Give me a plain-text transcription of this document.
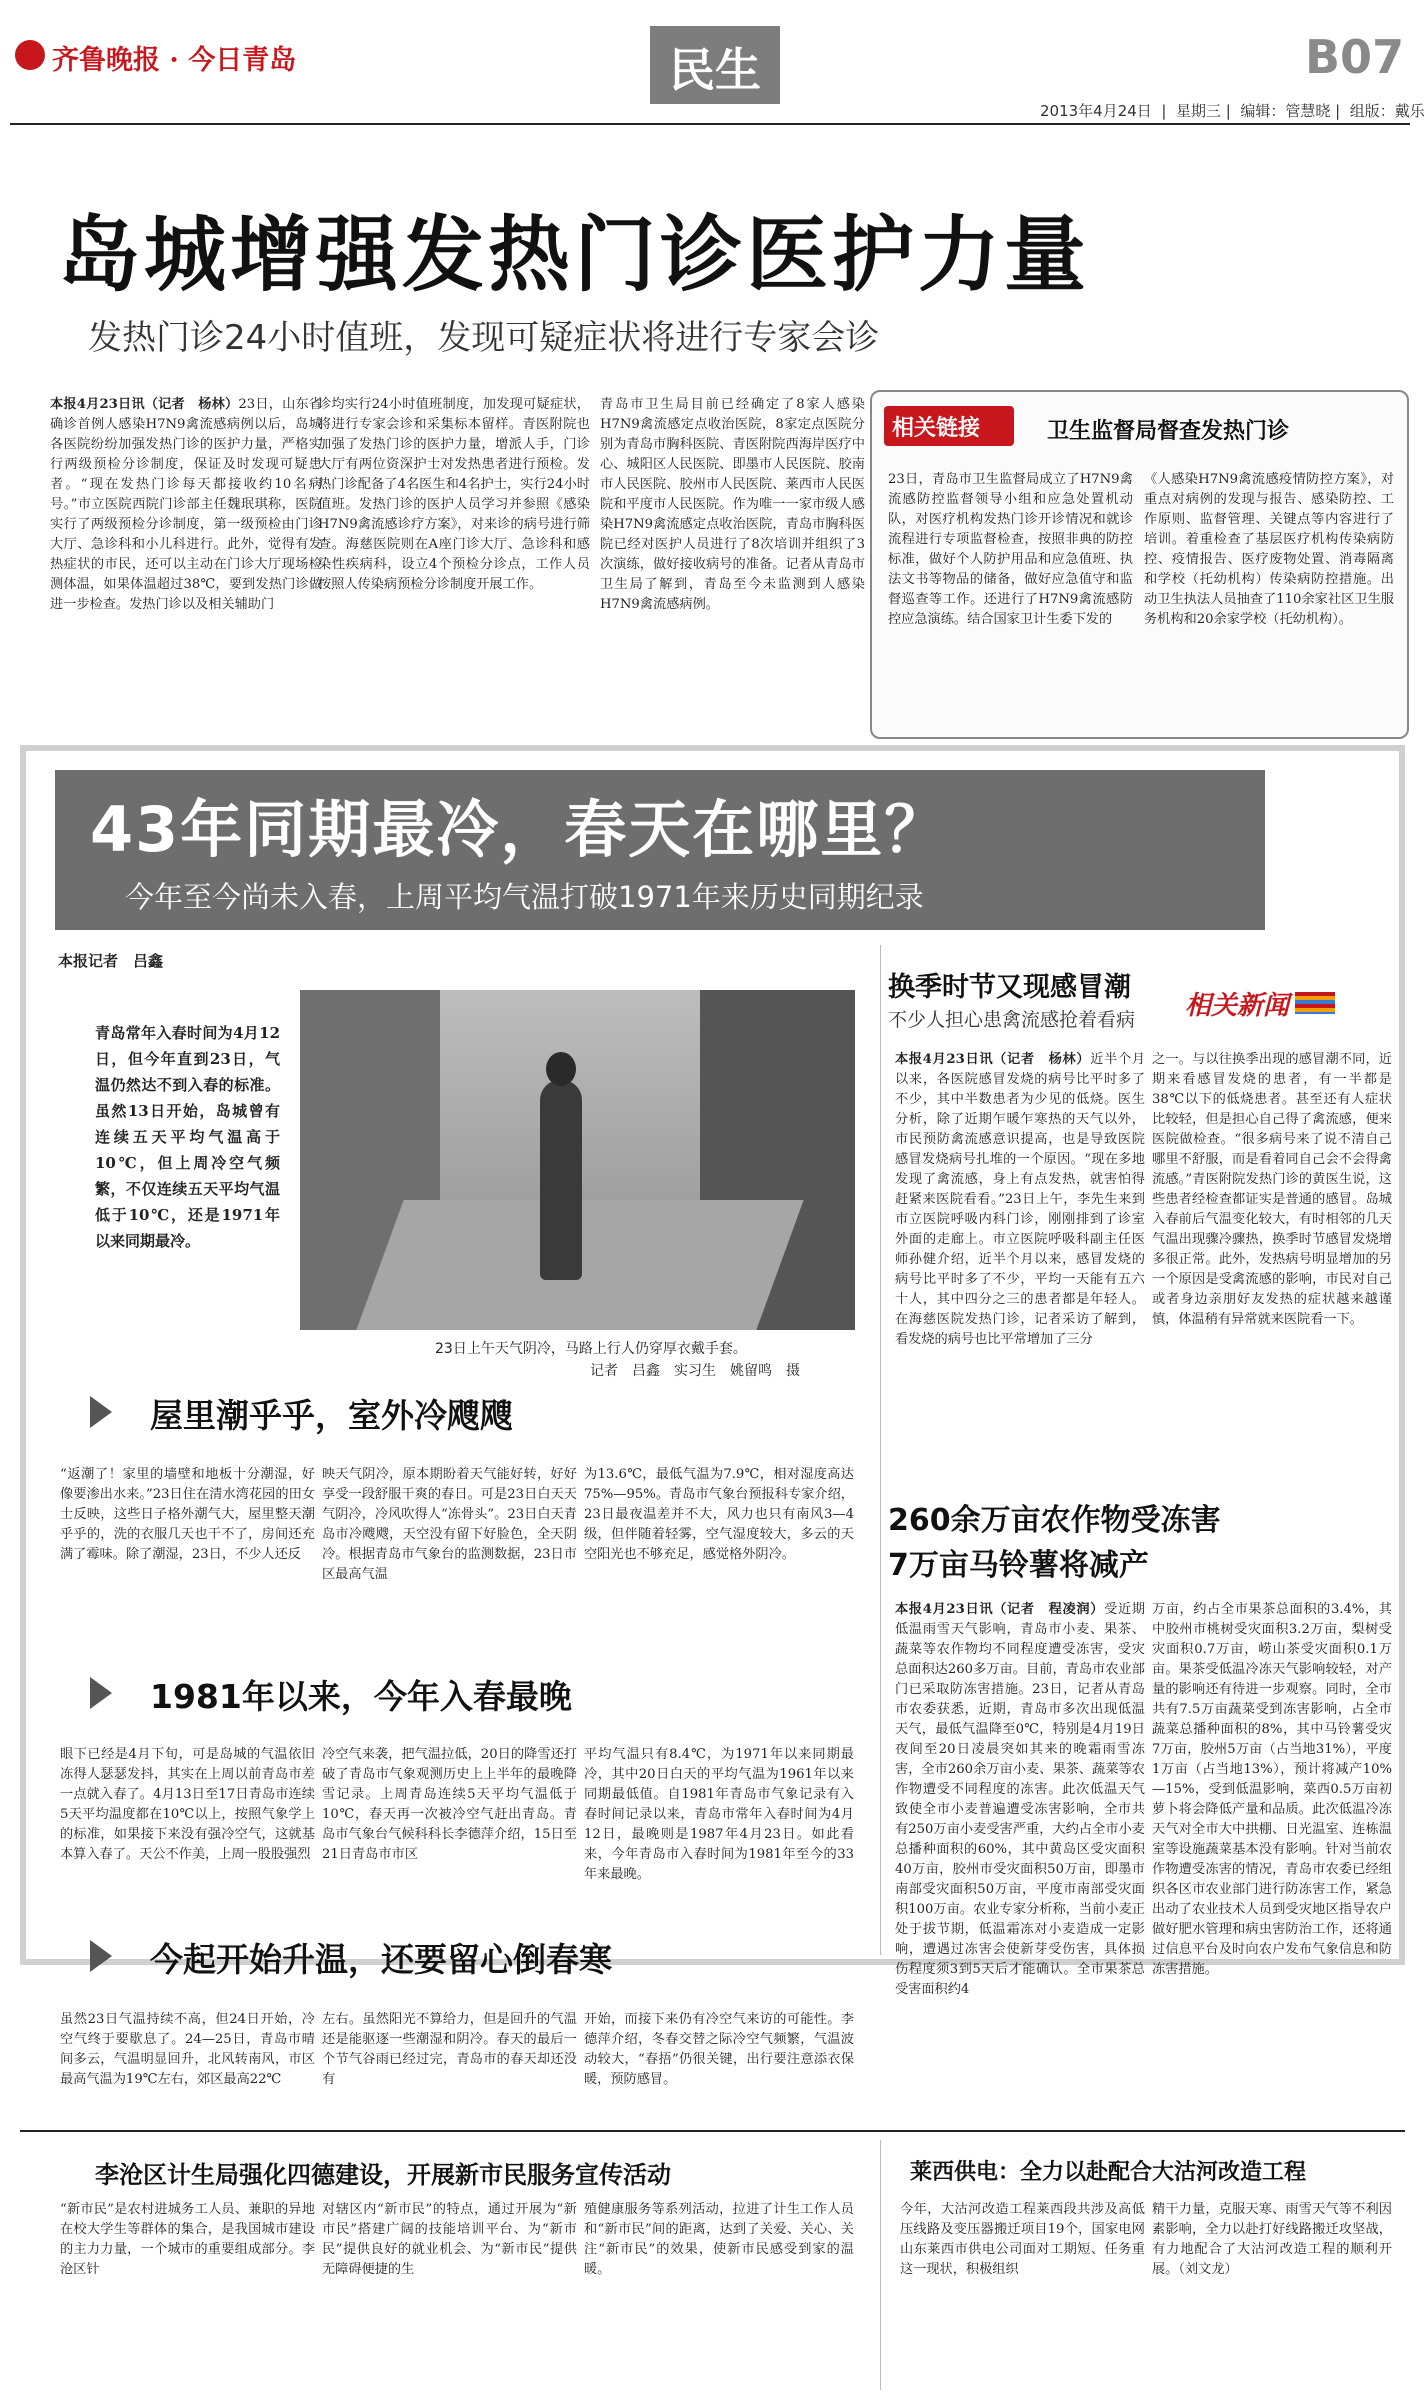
齐鲁晚报 · 今日青岛	民生	B07
2013年4月24日  |  星期三 |  编辑：管慧晓 |  组版：戴乐
岛城增强发热门诊医护力量
发热门诊24小时值班，发现可疑症状将进行专家会诊

本报4月23日讯（记者　杨林）23日，山东省确诊首例人感染H7N9禽流感病例以后，岛城各医院纷纷加强发热门诊的医护力量，严格实行两级预检分诊制度，保证及时发现可疑患者。“现在发热门诊每天都接收约10名病号。”市立医院西院门诊部主任魏珉琪称，医院实行了两级预检分诊制度，第一级预检由门诊大厅、急诊科和小儿科进行。此外，觉得有发热症状的市民，还可以主动在门诊大厅现场检测体温，如果体温超过38℃，要到发热门诊做进一步检查。发热门诊以及相关辅助门

诊均实行24小时值班制度，加发现可疑症状，将进行专家会诊和采集标本留样。青医附院也加强了发热门诊的医护力量，增派人手，门诊大厅有两位资深护士对发热患者进行预检。发热门诊配备了4名医生和4名护士，实行24小时值班。发热门诊的医护人员学习并参照《感染H7N9禽流感诊疗方案》，对来诊的病号进行筛查。海慈医院则在A座门诊大厅、急诊科和感染性疾病科，设立4个预检分诊点，工作人员按照人传染病预检分诊制度开展工作。

青岛市卫生局目前已经确定了8家人感染H7N9禽流感定点收治医院，8家定点医院分别为青岛市胸科医院、青医附院西海岸医疗中心、城阳区人民医院、即墨市人民医院、胶南市人民医院、胶州市人民医院、莱西市人民医院和平度市人民医院。作为唯一一家市级人感染H7N9禽流感定点收治医院，青岛市胸科医院已经对医护人员进行了8次培训并组织了3次演练，做好接收病号的准备。记者从青岛市卫生局了解到，青岛至今未监测到人感染H7N9禽流感病例。

相关链接	卫生监督局督查发热门诊
23日，青岛市卫生监督局成立了H7N9禽流感防控监督领导小组和应急处置机动队，对医疗机构发热门诊开诊情况和就诊流程进行专项监督检查，按照非典的防控标准，做好个人防护用品和应急值班、执法文书等物品的储备，做好应急值守和监督巡查等工作。还进行了H7N9禽流感防控应急演练。结合国家卫计生委下发的
《人感染H7N9禽流感疫情防控方案》，对重点对病例的发现与报告、感染防控、工作原则、监督管理、关键点等内容进行了培训。着重检查了基层医疗机构传染病防控、疫情报告、医疗废物处置、消毒隔离和学校（托幼机构）传染病防控措施。出动卫生执法人员抽查了110余家社区卫生服务机构和20余家学校（托幼机构）。
43年同期最冷，春天在哪里？
今年至今尚未入春，上周平均气温打破1971年来历史同期纪录
本报记者　吕鑫
青岛常年入春时间为4月12日，但今年直到23日，气温仍然达不到入春的标准。虽然13日开始，岛城曾有连续五天平均气温高于10℃，但上周冷空气频繁，不仅连续五天平均气温低于10℃，还是1971年以来同期最冷。
23日上午天气阴冷，马路上行人仍穿厚衣戴手套。
记者　吕鑫　实习生　姚留鸣　摄
屋里潮乎乎，室外冷飕飕
“返潮了！家里的墙壁和地板十分潮湿，好像要渗出水来。”23日住在清水湾花园的田女士反映，这些日子格外潮气大，屋里整天潮乎乎的，洗的衣服几天也干不了，房间还充满了霉味。除了潮湿，23日，不少人还反
映天气阴冷，原本期盼着天气能好转，好好享受一段舒服干爽的春日。可是23日白天天气阴冷，冷风吹得人“冻骨头”。23日白天青岛市冷飕飕，天空没有留下好脸色，全天阴冷。根据青岛市气象台的监测数据，23日市区最高气温
为13.6℃，最低气温为7.9℃，相对湿度高达75%—95%。青岛市气象台预报科专家介绍，23日最夜温差并不大，风力也只有南风3—4级，但伴随着轻雾，空气湿度较大，多云的天空阳光也不够充足，感觉格外阴冷。
1981年以来，今年入春最晚
眼下已经是4月下旬，可是岛城的气温依旧冻得人瑟瑟发抖，其实在上周以前青岛市差一点就入春了。4月13日至17日青岛市连续5天平均温度都在10℃以上，按照气象学上的标准，如果接下来没有强冷空气，这就基本算入春了。天公不作美，上周一股股强烈
冷空气来袭，把气温拉低，20日的降雪还打破了青岛市气象观测历史上上半年的最晚降雪记录。上周青岛连续5天平均气温低于10℃，春天再一次被冷空气赶出青岛。青岛市气象台气候科科长李德萍介绍，15日至21日青岛市市区
平均气温只有8.4℃，为1971年以来同期最冷，其中20日白天的平均气温为1961年以来同期最低值。自1981年青岛市气象记录有入春时间记录以来，青岛市常年入春时间为4月12日，最晚则是1987年4月23日。如此看来，今年青岛市入春时间为1981年至今的33年来最晚。
今起开始升温，还要留心倒春寒
虽然23日气温持续不高，但24日开始，冷空气终于要歇息了。24—25日，青岛市晴间多云，气温明显回升，北风转南风，市区最高气温为19℃左右，郊区最高22℃
左右。虽然阳光不算给力，但是回升的气温还是能驱逐一些潮湿和阴冷。春天的最后一个节气谷雨已经过完，青岛市的春天却还没有
开始，而接下来仍有冷空气来访的可能性。李德萍介绍，冬春交替之际冷空气频繁，气温波动较大，“春捂”仍很关键，出行要注意添衣保暖，预防感冒。
换季时节又现感冒潮
不少人担心患禽流感抢着看病 相关新闻

本报4月23日讯（记者　杨林）近半个月以来，各医院感冒发烧的病号比平时多了不少，其中半数患者为少见的低烧。医生分析，除了近期乍暖乍寒热的天气以外，市民预防禽流感意识提高，也是导致医院感冒发烧病号扎堆的一个原因。“现在多地发现了禽流感，身上有点发热，就害怕得赶紧来医院看看。”23日上午，李先生来到市立医院呼吸内科门诊，刚刚排到了诊室外面的走廊上。市立医院呼吸科副主任医师孙健介绍，近半个月以来，感冒发烧的病号比平时多了不少，平均一天能有五六十人，其中四分之三的患者都是年轻人。在海慈医院发热门诊，记者采访了解到，看发烧的病号也比平常增加了三分

之一。与以往换季出现的感冒潮不同，近期来看感冒发烧的患者，有一半都是38℃以下的低烧患者。甚至还有人症状比较轻，但是担心自己得了禽流感，便来医院做检查。“很多病号来了说不清自己哪里不舒服，而是看着同自己会不会得禽流感。”青医附院发热门诊的黄医生说，这些患者经检查都证实是普通的感冒。岛城入春前后气温变化较大，有时相邻的几天气温出现骤冷骤热，换季时节感冒发烧增多很正常。此外，发热病号明显增加的另一个原因是受禽流感的影响，市民对自己或者身边亲朋好友发热的症状越来越谨慎，体温稍有异常就来医院看一下。
260余万亩农作物受冻害
7万亩马铃薯将减产

本报4月23日讯（记者　程凌润）受近期低温雨雪天气影响，青岛市小麦、果茶、蔬菜等农作物均不同程度遭受冻害，受灾总面积达260多万亩。目前，青岛市农业部门已采取防冻害措施。23日，记者从青岛市农委获悉，近期，青岛市多次出现低温天气，最低气温降至0℃，特别是4月19日夜间至20日凌晨突如其来的晚霜雨雪冻害，全市260余万亩小麦、果茶、蔬菜等农作物遭受不同程度的冻害。此次低温天气致使全市小麦普遍遭受冻害影响，全市共有250万亩小麦受害严重，大约占全市小麦总播种面积的60%，其中黄岛区受灾面积40万亩，胶州市受灾面积50万亩，即墨市南部受灾面积50万亩，平度市南部受灾面积100万亩。农业专家分析称，当前小麦正处于拔节期，低温霜冻对小麦造成一定影响，遭遇过冻害会使新芽受伤害，具体损伤程度须3到5天后才能确认。全市果茶总受害面积约4

万亩，约占全市果茶总面积的3.4%，其中胶州市桃树受灾面积3.2万亩，梨树受灾面积0.7万亩，崂山茶受灾面积0.1万亩。果茶受低温冷冻天气影响较轻，对产量的影响还有待进一步观察。同时，全市共有7.5万亩蔬菜受到冻害影响，占全市蔬菜总播种面积的8%，其中马铃薯受灾7万亩，胶州5万亩（占当地31%），平度1万亩（占当地13%），预计将减产10%—15%，受到低温影响，菜西0.5万亩初萝卜将会降低产量和品质。此次低温冷冻天气对全市大中拱棚、日光温室、连栋温室等设施蔬菜基本没有影响。针对当前农作物遭受冻害的情况，青岛市农委已经组织各区市农业部门进行防冻害工作，紧急出动了农业技术人员到受灾地区指导农户做好肥水管理和病虫害防治工作，还将通过信息平台及时向农户发布气象信息和防冻害措施。
李沧区计生局强化四德建设，开展新市民服务宣传活动
“新市民”是农村进城务工人员、兼职的异地在校大学生等群体的集合，是我国城市建设的主力力量，一个城市的重要组成部分。李沧区针
对辖区内“新市民”的特点，通过开展为“新市民”搭建广阔的技能培训平台、为“新市民”提供良好的就业机会、为“新市民”提供无障碍便捷的生
殖健康服务等系列活动，拉进了计生工作人员和“新市民”间的距离，达到了关爱、关心、关注“新市民”的效果，使新市民感受到家的温暖。
莱西供电：全力以赴配合大沽河改造工程
今年，大沽河改造工程莱西段共涉及高低压线路及变压器搬迁项目19个，国家电网山东莱西市供电公司面对工期短、任务重这一现状，积极组织
精干力量，克服天寒、雨雪天气等不利因素影响，全力以赴打好线路搬迁攻坚战，有力地配合了大沽河改造工程的顺利开展。（刘文龙）
